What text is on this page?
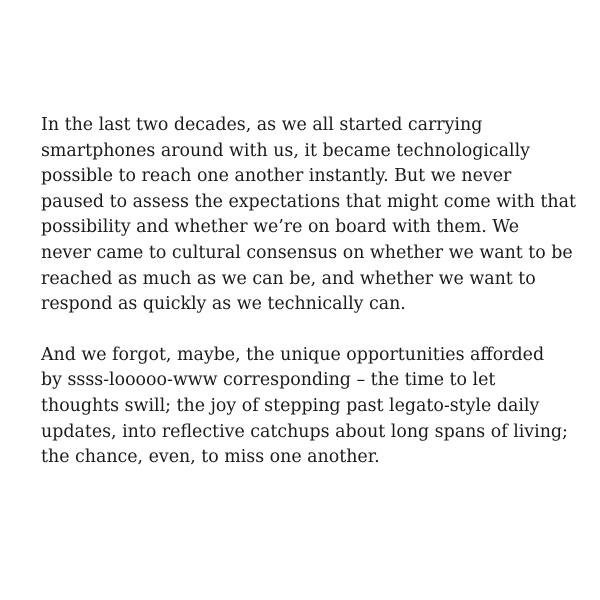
In the last two decades, as we all started carrying
smartphones around with us, it became technologically
possible to reach one another instantly. But we never
paused to assess the expectations that might come with that
possibility and whether we’re on board with them. We
never came to cultural consensus on whether we want to be
reached as much as we can be, and whether we want to
respond as quickly as we technically can.

And we forgot, maybe, the unique opportunities afforded
by ssss-looooo-www corresponding – the time to let
thoughts swill; the joy of stepping past legato-style daily
updates, into reflective catchups about long spans of living;
the chance, even, to miss one another.
